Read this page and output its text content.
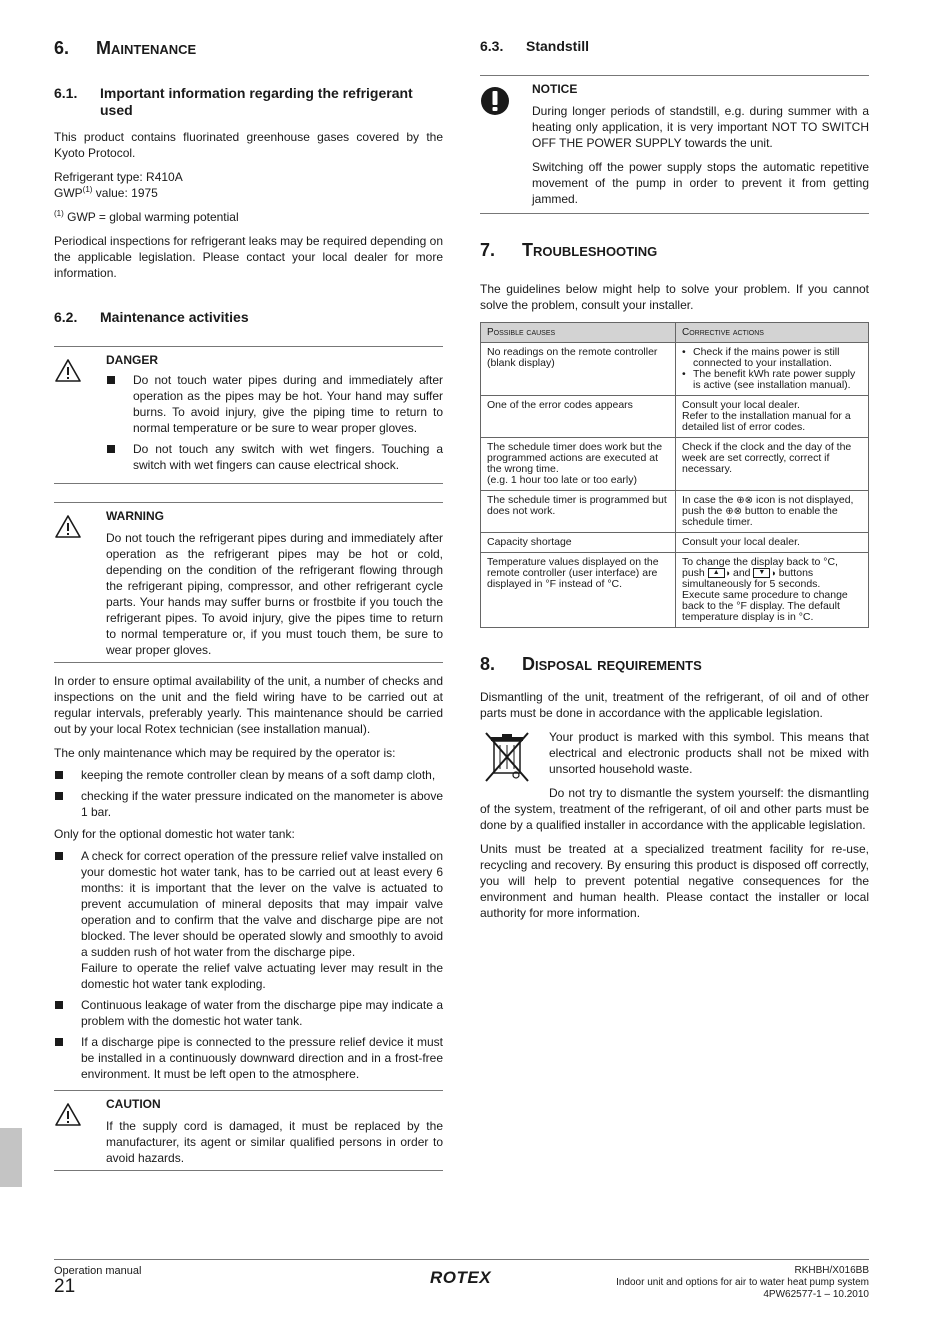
6.	Maintenance
6.1.	Important information regarding the refrigerant used

This product contains fluorinated greenhouse gases covered by the Kyoto Protocol.

Refrigerant type: R410A
GWP$^{(1)}$ value: 1975

$^{(1)}$ GWP = global warming potential

Periodical inspections for refrigerant leaks may be required depending on the applicable legislation. Please contact your local dealer for more information.

6.2.	Maintenance activities
DANGER
Do not touch water pipes during and immediately after operation as the pipes may be hot. Your hand may suffer burns. To avoid injury, give the piping time to return to normal temperature or be sure to wear proper gloves.
Do not touch any switch with wet fingers. Touching a switch with wet fingers can cause electrical shock.
WARNING

Do not touch the refrigerant pipes during and immediately after operation as the refrigerant pipes may be hot or cold, depending on the condition of the refrigerant flowing through the refrigerant piping, compressor, and other refrigerant cycle parts. Your hands may suffer burns or frostbite if you touch the refrigerant pipes. To avoid injury, give the pipes time to return to normal temperature or, if you must touch them, be sure to wear proper gloves.

In order to ensure optimal availability of the unit, a number of checks and inspections on the unit and the field wiring have to be carried out at regular intervals, preferably yearly. This maintenance should be carried out by your local Rotex technician (see installation manual).

The only maintenance which may be required by the operator is:

keeping the remote controller clean by means of a soft damp cloth,
checking if the water pressure indicated on the manometer is above 1 bar.

Only for the optional domestic hot water tank:

A check for correct operation of the pressure relief valve installed on your domestic hot water tank, has to be carried out at least every 6 months: it is important that the lever on the valve is actuated to prevent accumulation of mineral deposits that may impair valve operation and to confirm that the valve and discharge pipe are not blocked. The lever should be operated slowly and smoothly to avoid a sudden rush of hot water from the discharge pipe.
Failure to operate the relief valve actuating lever may result in the domestic hot water tank exploding.
Continuous leakage of water from the discharge pipe may indicate a problem with the domestic hot water tank.
If a discharge pipe is connected to the pressure relief device it must be installed in a continuously downward direction and in a frost-free environment. It must be left open to the atmosphere.
CAUTION

If the supply cord is damaged, it must be replaced by the manufacturer, its agent or similar qualified persons in order to avoid hazards.

6.3.	Standstill
NOTICE

During longer periods of standstill, e.g. during summer with a heating only application, it is very important NOT TO SWITCH OFF THE POWER SUPPLY towards the unit.

Switching off the power supply stops the automatic repetitive movement of the pump in order to prevent it from getting jammed.

7.	Troubleshooting

The guidelines below might help to solve your problem. If you cannot solve the problem, consult your installer.

Possible causes	Corrective actions
No readings on the remote controller (blank display)	• Check if the mains power is still connected to your installation.
• The benefit kWh rate power supply is active (see installation manual).

One of the error codes appears	Consult your local dealer.
Refer to the installation manual for a detailed list of error codes.
The schedule timer does work but the programmed actions are executed at the wrong time.
(e.g. 1 hour too late or too early)	Check if the clock and the day of the week are set correctly, correct if necessary.
The schedule timer is programmed but does not work.	In case the ⊕⊗ icon is not displayed, push the ⊕⊗ button to enable the schedule timer.
Capacity shortage	Consult your local dealer.
Temperature values displayed on the remote controller (user interface) are displayed in °F instead of °C.	To change the display back to °C, push ▲ ◑ and ▼ ◑ buttons simultaneously for 5 seconds.
Execute same procedure to change back to the °F display. The default temperature display is in °C.
8.	Disposal requirements

Dismantling of the unit, treatment of the refrigerant, of oil and of other parts must be done in accordance with the applicable legislation.

Your product is marked with this symbol. This means that electrical and electronic products shall not be mixed with unsorted household waste.

Do not try to dismantle the system yourself: the dismantling of the system, treatment of the refrigerant, of oil and other parts must be done by a qualified installer in accordance with the applicable legislation.

Units must be treated at a specialized treatment facility for re-use, recycling and recovery. By ensuring this product is disposed off correctly, you will help to prevent potential negative consequences for the environment and human health. Please contact the installer or local authority for more information.

Operation manual
21	ROTEX	RKHBH/X016BB
Indoor unit and options for air to water heat pump system
4PW62577-1 – 10.2010
